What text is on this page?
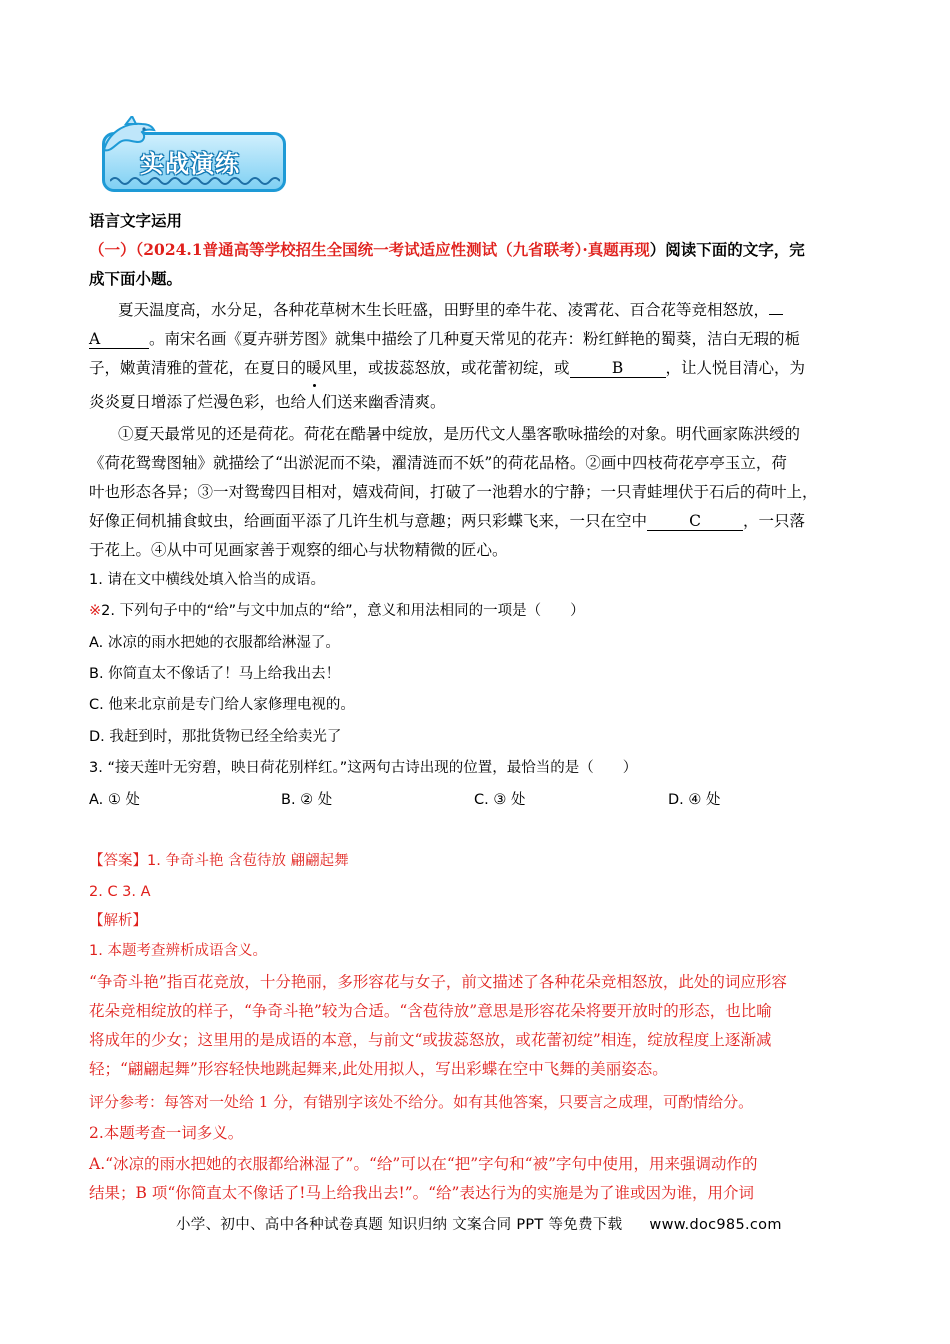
实战演练
语言文字运用
（一）（2024.1普通高等学校招生全国统一考试适应性测试（九省联考）·真题再现）阅读下面的文字，完
成下面小题。
夏天温度高，水分足，各种花草树木生长旺盛，田野里的牵牛花、凌霄花、百合花等竞相怒放，
A	。南宋名画《夏卉骈芳图》就集中描绘了几种夏天常见的花卉：粉红鲜艳的蜀葵，洁白无瑕的栀
子，嫩黄清雅的萱花，在夏日的暖风里，或拔蕊怒放，或花蕾初绽，或	B	，让人悦目清心，为
炎炎夏日增添了烂漫色彩，也给人们送来幽香清爽。
①夏天最常见的还是荷花。荷花在酷暑中绽放，是历代文人墨客歌咏描绘的对象。明代画家陈洪绶的
《荷花鸳鸯图轴》就描绘了“出淤泥而不染，濯清涟而不妖”的荷花品格。②画中四枝荷花亭亭玉立，荷
叶也形态各异；③一对鸳鸯四目相对，嬉戏荷间，打破了一池碧水的宁静；一只青蛙埋伏于石后的荷叶上，
好像正伺机捕食蚊虫，给画面平添了几许生机与意趣；两只彩蝶飞来，一只在空中	C	，一只落
于花上。④从中可见画家善于观察的细心与状物精微的匠心。
1. 请在文中横线处填入恰当的成语。
※2. 下列句子中的“给”与文中加点的“给”，意义和用法相同的一项是（　　）
A. 冰凉的雨水把她的衣服都给淋湿了。
B. 你简直太不像话了！马上给我出去！
C. 他来北京前是专门给人家修理电视的。
D. 我赶到时，那批货物已经全给卖光了
3. “接天莲叶无穷碧，映日荷花别样红。”这两句古诗出现的位置，最恰当的是（　　）
A. ① 处	B. ② 处	C. ③ 处	D. ④ 处
【答案】1. 争奇斗艳 含苞待放 翩翩起舞
2. C 3. A
【解析】
1. 本题考查辨析成语含义。
“争奇斗艳”指百花竞放，十分艳丽，多形容花与女子，前文描述了各种花朵竞相怒放，此处的词应形容
花朵竞相绽放的样子，“争奇斗艳”较为合适。“含苞待放”意思是形容花朵将要开放时的形态，也比喻
将成年的少女；这里用的是成语的本意，与前文“或拔蕊怒放，或花蕾初绽”相连，绽放程度上逐渐减
轻；“翩翩起舞”形容轻快地跳起舞来,此处用拟人，写出彩蝶在空中飞舞的美丽姿态。
评分参考：每答对一处给 1 分，有错别字该处不给分。如有其他答案，只要言之成理，可酌情给分。
2.本题考查一词多义。
A.“冰凉的雨水把她的衣服都给淋湿了”。“给”可以在“把”字句和“被”字句中使用，用来强调动作的
结果；B 项“你简直太不像话了!马上给我出去!”。“给”表达行为的实施是为了谁或因为谁，用介词
小学、初中、高中各种试卷真题 知识归纳 文案合同 PPT 等免费下载 www.doc985.com
